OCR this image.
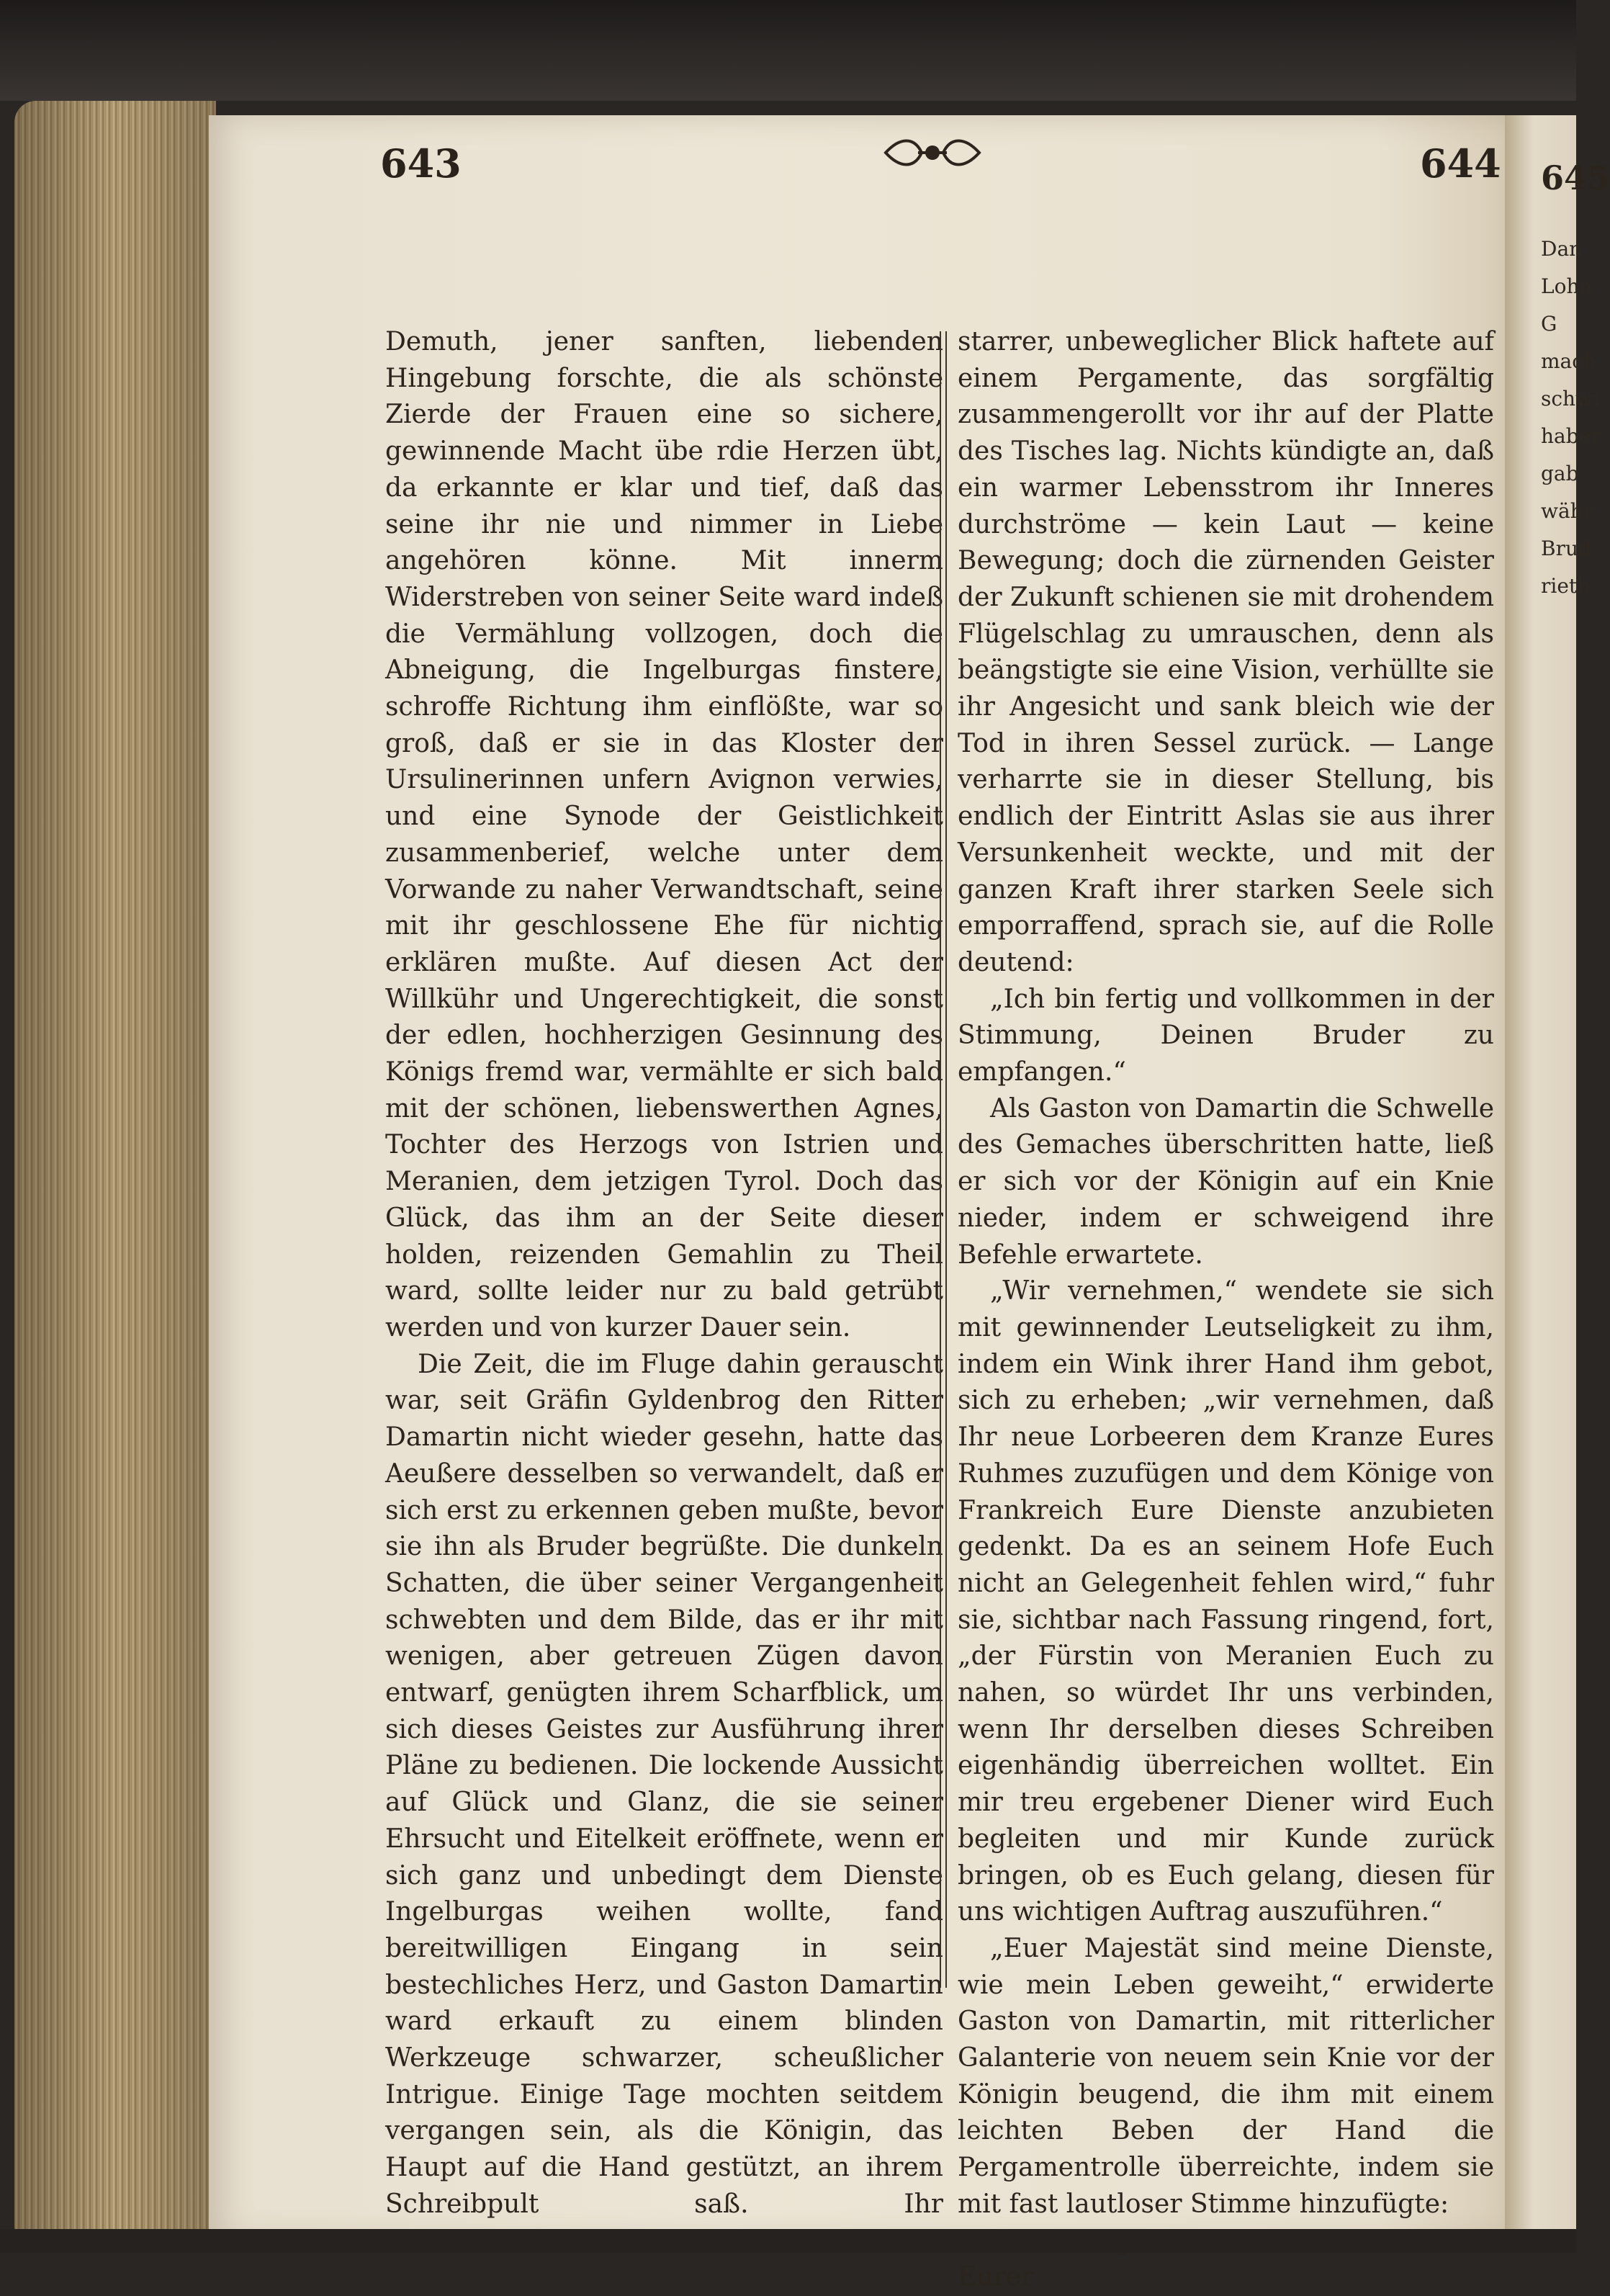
645
Dan
Lohn
G
mach
schwi
haber
gab
währ
Brud
rieth
643	644

Demuth, jener sanften, liebenden Hingebung forschte, die als schönste Zierde der Frauen eine so sichere, gewinnende Macht übe rdie Herzen übt, da erkannte er klar und tief, daß das seine ihr nie und nimmer in Liebe angehören könne. Mit innerm Widerstreben von seiner Seite ward indeß die Vermählung vollzogen, doch die Abneigung, die Ingelburgas finstere, schroffe Richtung ihm einflößte, war so groß, daß er sie in das Kloster der Ursulinerinnen unfern Avignon verwies, und eine Synode der Geistlichkeit zusammenberief, welche unter dem Vorwande zu naher Verwandtschaft, seine mit ihr geschlossene Ehe für nichtig erklären mußte. Auf diesen Act der Willkühr und Ungerechtigkeit, die sonst der edlen, hochherzigen Gesinnung des Königs fremd war, vermählte er sich bald mit der schönen, liebenswerthen Agnes, Tochter des Herzogs von Istrien und Meranien, dem jetzigen Tyrol. Doch das Glück, das ihm an der Seite dieser holden, reizenden Gemahlin zu Theil ward, sollte leider nur zu bald getrübt werden und von kurzer Dauer sein.

Die Zeit, die im Fluge dahin gerauscht war, seit Gräfin Gyldenbrog den Ritter Damartin nicht wieder gesehn, hatte das Aeußere desselben so verwandelt, daß er sich erst zu erkennen geben mußte, bevor sie ihn als Bruder begrüßte. Die dunkeln Schatten, die über seiner Vergangenheit schwebten und dem Bilde, das er ihr mit wenigen, aber getreuen Zügen davon entwarf, genügten ihrem Scharfblick, um sich dieses Geistes zur Ausführung ihrer Pläne zu bedienen. Die lockende Aussicht auf Glück und Glanz, die sie seiner Ehrsucht und Eitelkeit eröffnete, wenn er sich ganz und unbedingt dem Dienste Ingelburgas weihen wollte, fand bereitwilligen Eingang in sein bestechliches Herz, und Gaston Damartin ward erkauft zu einem blinden Werkzeuge schwarzer, scheußlicher Intrigue. Einige Tage mochten seitdem vergangen sein, als die Königin, das Haupt auf die Hand gestützt, an ihrem Schreibpult saß. Ihr

starrer, unbeweglicher Blick haftete auf einem Pergamente, das sorgfältig zusammengerollt vor ihr auf der Platte des Tisches lag. Nichts kündigte an, daß ein warmer Lebensstrom ihr Inneres durchströme — kein Laut — keine Bewegung; doch die zürnenden Geister der Zukunft schienen sie mit drohendem Flügelschlag zu umrauschen, denn als beängstigte sie eine Vision, verhüllte sie ihr Angesicht und sank bleich wie der Tod in ihren Sessel zurück. — Lange verharrte sie in dieser Stellung, bis endlich der Eintritt Aslas sie aus ihrer Versunkenheit weckte, und mit der ganzen Kraft ihrer starken Seele sich emporraffend, sprach sie, auf die Rolle deutend:

„Ich bin fertig und vollkommen in der Stimmung, Deinen Bruder zu empfangen.“

Als Gaston von Damartin die Schwelle des Gemaches überschritten hatte, ließ er sich vor der Königin auf ein Knie nieder, indem er schweigend ihre Befehle erwartete.

„Wir vernehmen,“ wendete sie sich mit gewinnender Leutseligkeit zu ihm, indem ein Wink ihrer Hand ihm gebot, sich zu erheben; „wir vernehmen, daß Ihr neue Lorbeeren dem Kranze Eures Ruhmes zuzufügen und dem Könige von Frankreich Eure Dienste anzubieten gedenkt. Da es an seinem Hofe Euch nicht an Gelegenheit fehlen wird,“ fuhr sie, sichtbar nach Fassung ringend, fort, „der Fürstin von Meranien Euch zu nahen, so würdet Ihr uns verbinden, wenn Ihr derselben dieses Schreiben eigenhändig überreichen wolltet. Ein mir treu ergebener Diener wird Euch begleiten und mir Kunde zurück bringen, ob es Euch gelang, diesen für uns wichtigen Auftrag auszuführen.“

„Euer Majestät sind meine Dienste, wie mein Leben geweiht,“ erwiderte Gaston von Damartin, mit ritterlicher Galanterie von neuem sein Knie vor der Königin beugend, die ihm mit einem leichten Beben der Hand die Pergamentrolle überreichte, indem sie mit fast lautloser Stimme hinzufügte:

Eurer
